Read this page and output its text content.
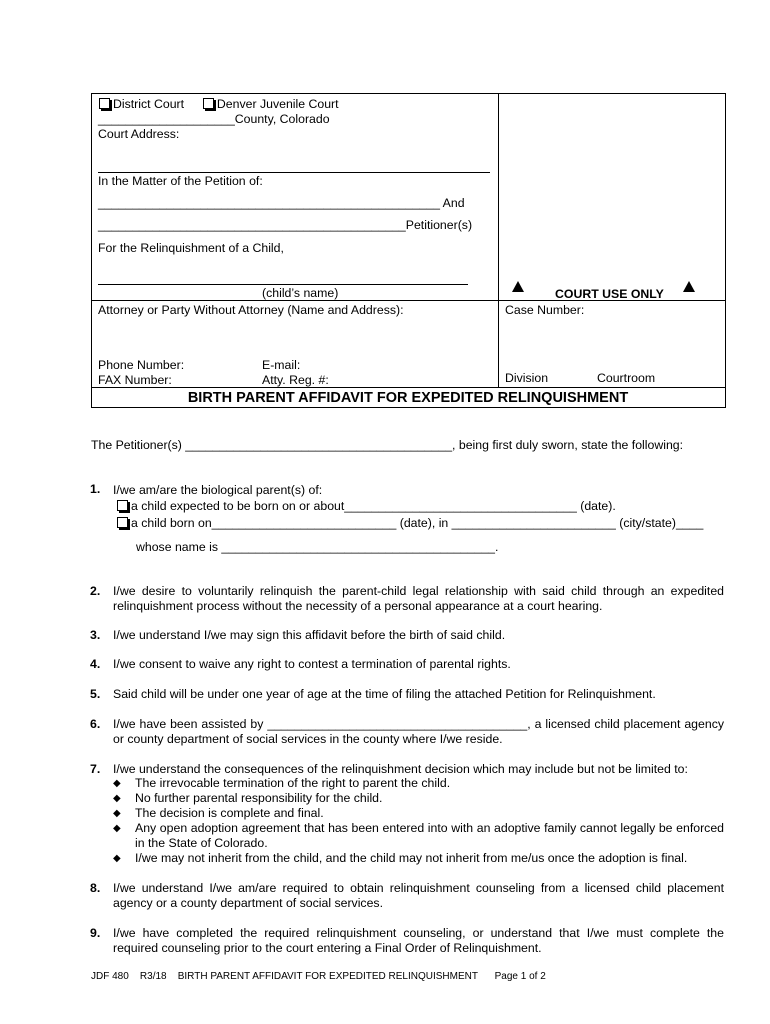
District Court	Denver Juvenile Court
____________________County, Colorado
Court Address:
In the Matter of the Petition of:
__________________________________________________ And
_____________________________________________Petitioner(s)
For the Relinquishment of a Child,
(child’s name)	COURT USE ONLY
Attorney or Party Without Attorney (Name and Address):
Phone Number:	E-mail:
FAX Number:	Atty. Reg. #:
Case Number:
Division	Courtroom
BIRTH PARENT AFFIDAVIT FOR EXPEDITED RELINQUISHMENT
The Petitioner(s) _______________________________________, being first duly sworn, state the following:
1. I/we am/are the biological parent(s) of:
a child expected to be born on or about__________________________________ (date).
a child born on___________________________ (date), in ________________________ (city/state)____
whose name is ________________________________________.
2. I/we desire to voluntarily relinquish the parent-child legal relationship with said child through an expedited relinquishment process without the necessity of a personal appearance at a court hearing.
3. I/we understand I/we may sign this affidavit before the birth of said child.
4. I/we consent to waive any right to contest a termination of parental rights.
5. Said child will be under one year of age at the time of filing the attached Petition for Relinquishment.
6. I/we have been assisted by ______________________________________, a licensed child placement agency or county department of social services in the county where I/we reside.
7. I/we understand the consequences of the relinquishment decision which may include but not be limited to:
◆ The irrevocable termination of the right to parent the child.
◆ No further parental responsibility for the child.
◆ The decision is complete and final.
◆ Any open adoption agreement that has been entered into with an adoptive family cannot legally be enforced in the State of Colorado.
◆ I/we may not inherit from the child, and the child may not inherit from me/us once the adoption is final.
8. I/we understand I/we am/are required to obtain relinquishment counseling from a licensed child placement agency or a county department of social services.
9. I/we have completed the required relinquishment counseling, or understand that I/we must complete the required counseling prior to the court entering a Final Order of Relinquishment.
JDF 480 R3/18 BIRTH PARENT AFFIDAVIT FOR EXPEDITED RELINQUISHMENT Page 1 of 2
